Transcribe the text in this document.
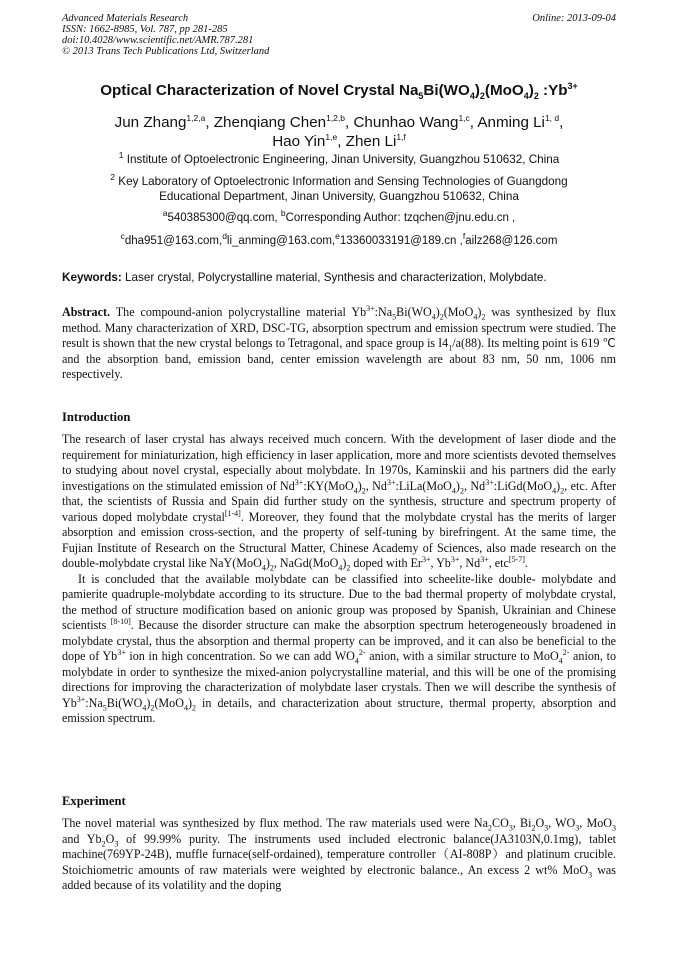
Advanced Materials Research
ISSN: 1662-8985, Vol. 787, pp 281-285
doi:10.4028/www.scientific.net/AMR.787.281
© 2013 Trans Tech Publications Ltd, Switzerland
Online: 2013-09-04
Optical Characterization of Novel Crystal $Na_5Bi(WO_4)_2(MoO_4)_2$ $:Yb^{3+}$
Jun Zhang$^{1,2,a}$, Zhenqiang Chen$^{1,2,b}$, Chunhao Wang$^{1,c}$, Anming Li$^{1, d}$,
Hao Yin$^{1,e}$, Zhen Li$^{1,f}$
$^1$ Institute of Optoelectronic Engineering, Jinan University, Guangzhou 510632, China
$^2$ Key Laboratory of Optoelectronic Information and Sensing Technologies of Guangdong
Educational Department, Jinan University, Guangzhou 510632, China
$^a$540385300@qq.com, $^b$Corresponding Author: tzqchen@jnu.edu.cn ,
$^c$dha951@163.com,$^d$li_anming@163.com,$^e$13360033191@189.cn ,$^f$ailz268@126.com
Keywords: Laser crystal, Polycrystalline material, Synthesis and characterization, Molybdate.

Abstract. The compound-anion polycrystalline material $Yb^{3+}:Na_5Bi(WO_4)_2(MoO_4)_2$ was synthesized by flux method. Many characterization of XRD, DSC-TG, absorption spectrum and emission spectrum were studied. The result is shown that the new crystal belongs to Tetragonal, and space group is $I4_1/a(88)$. Its melting point is 619 ℃ and the absorption band, emission band, center emission wavelength are about 83 nm, 50 nm, 1006 nm respectively.

Introduction

The research of laser crystal has always received much concern. With the development of laser diode and the requirement for miniaturization, high efficiency in laser application, more and more scientists devoted themselves to studying about novel crystal, especially about molybdate. In 1970s, Kaminskii and his partners did the early investigations on the stimulated emission of $Nd^{3+}:KY(MoO_4)_2$, $Nd^{3+}:LiLa(MoO_4)_2$, $Nd^{3+}:LiGd(MoO_4)_2$, etc. After that, the scientists of Russia and Spain did further study on the synthesis, structure and spectrum property of various doped molybdate crystal[1-4]. Moreover, they found that the molybdate crystal has the merits of larger absorption and emission cross-section, and the property of self-tuning by birefringent. At the same time, the Fujian Institute of Research on the Structural Matter, Chinese Academy of Sciences, also made research on the double-molybdate crystal like $NaY(MoO_4)_2$, $NaGd(MoO_4)_2$ doped with $Er^{3+}$, $Yb^{3+}$, $Nd^{3+}$, etc[5-7].

It is concluded that the available molybdate can be classified into scheelite-like double- molybdate and pamierite quadruple-molybdate according to its structure. Due to the bad thermal property of molybdate crystal, the method of structure modification based on anionic group was proposed by Spanish, Ukrainian and Chinese scientists [8-10]. Because the disorder structure can make the absorption spectrum heterogeneously broadened in molybdate crystal, thus the absorption and thermal property can be improved, and it can also be beneficial to the dope of $Yb^{3+}$ ion in high concentration. So we can add $WO_4^{2-}$ anion, with a similar structure to MoO$_4^{2-}$ anion, to molybdate in order to synthesize the mixed-anion polycrystalline material, and this will be one of the promising directions for improving the characterization of molybdate laser crystals. Then we will describe the synthesis of $Yb^{3+}:Na_5Bi(WO_4)_2(MoO_4)_2$ in details, and characterization about structure, thermal property, absorption and emission spectrum.

Experiment

The novel material was synthesized by flux method. The raw materials used were $Na_2CO_3$, $Bi_2O_3$, $WO_3$, MoO$_3$ and $Yb_2O_3$ of 99.99% purity. The instruments used included electronic balance(JA3103N,0.1mg), tablet machine(769YP-24B), muffle furnace(self-ordained), temperature controller（AI-808P）and platinum crucible. Stoichiometric amounts of raw materials were weighted by electronic balance., An excess 2 wt% MoO$_3$ was added because of its volatility and the doping
